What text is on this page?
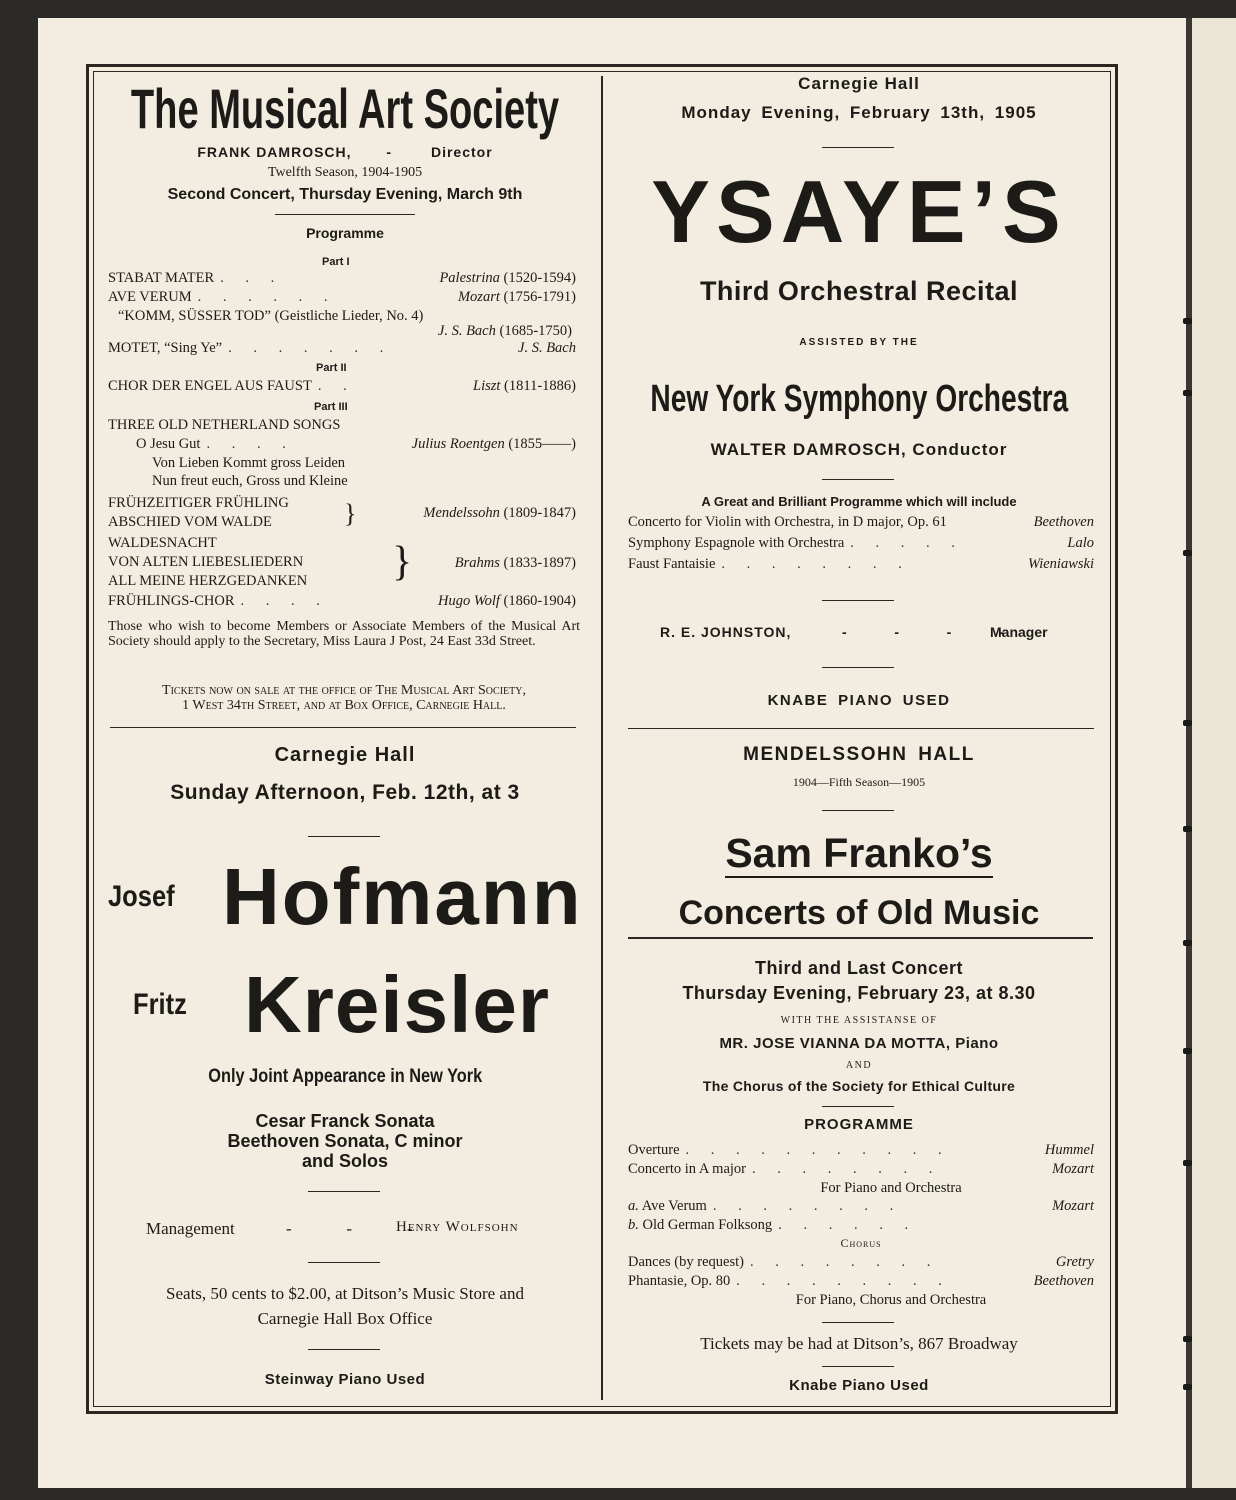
The Musical Art Society
FRANK DAMROSCH, -	Director
Twelfth Season, 1904-1905
Second Concert, Thursday Evening, March 9th
Programme
Part I
STABAT MATER . . .	Palestrina (1520-1594)
AVE VERUM . . . . . .	Mozart (1756-1791)
“KOMM, SÜSSER TOD” (Geistliche Lieder, No. 4)
J. S. Bach (1685-1750)
MOTET, “Sing Ye” . . . . . . .	J. S. Bach
Part II
CHOR DER ENGEL AUS FAUST . .	Liszt (1811-1886)
Part III
THREE OLD NETHERLAND SONGS
O Jesu Gut . . . .	Julius Roentgen (1855——)
Von Lieben Kommt gross Leiden
Nun freut euch, Gross und Kleine
FRÜHZEITIGER FRÜHLING
ABSCHIED VOM WALDE	}	Mendelssohn (1809-1847)
WALDESNACHT
VON ALTEN LIEBESLIEDERN
ALL MEINE HERZGEDANKEN	}	Brahms (1833-1897)
FRÜHLINGS-CHOR . . . .	Hugo Wolf (1860-1904)
Those who wish to become Members or Associate Members of the Musical Art Society should apply to the Secretary, Miss Laura J Post, 24 East 33d Street.
Tickets now on sale at the office of The Musical Art Society,
1 West 34th Street, and at Box Office, Carnegie Hall.
Carnegie Hall
Sunday Afternoon, Feb. 12th, at 3
Josef Hofmann
Fritz Kreisler
Only Joint Appearance in New York
Cesar Franck Sonata
Beethoven Sonata, C minor
and Solos
Management	-   -   -
Henry Wolfsohn
Seats, 50 cents to $2.00, at Ditson’s Music Store and
Carnegie Hall Box Office
Steinway Piano Used
Carnegie Hall
Monday Evening, February 13th, 1905
YSAYE’S
Third Orchestral Recital
ASSISTED BY THE
New York Symphony Orchestra
WALTER DAMROSCH, Conductor
A Great and Brilliant Programme which will include
Concerto for Violin with Orchestra, in D major, Op. 61	Beethoven
Symphony Espagnole with Orchestra . . . . .	Lalo
Faust Fantaisie . . . . . . . .	Wieniawski
R. E. JOHNSTON,	-   -   -   -
Manager
KNABE PIANO USED
MENDELSSOHN HALL
1904—Fifth Season—1905
Sam Franko’s
Concerts of Old Music
Third and Last Concert
Thursday Evening, February 23, at 8.30
WITH THE ASSISTANSE OF
MR. JOSE VIANNA DA MOTTA, Piano
AND
The Chorus of the Society for Ethical Culture
PROGRAMME
Overture . . . . . . . . . . .	Hummel
Concerto in A major . . . . . . . .	Mozart
For Piano and Orchestra
a. Ave Verum . . . . . . . .	Mozart
b. Old German Folksong . . . . . .
Chorus
Dances (by request) . . . . . . . .	Gretry
Phantasie, Op. 80 . . . . . . . . .	Beethoven
For Piano, Chorus and Orchestra
Tickets may be had at Ditson’s, 867 Broadway
Knabe Piano Used
